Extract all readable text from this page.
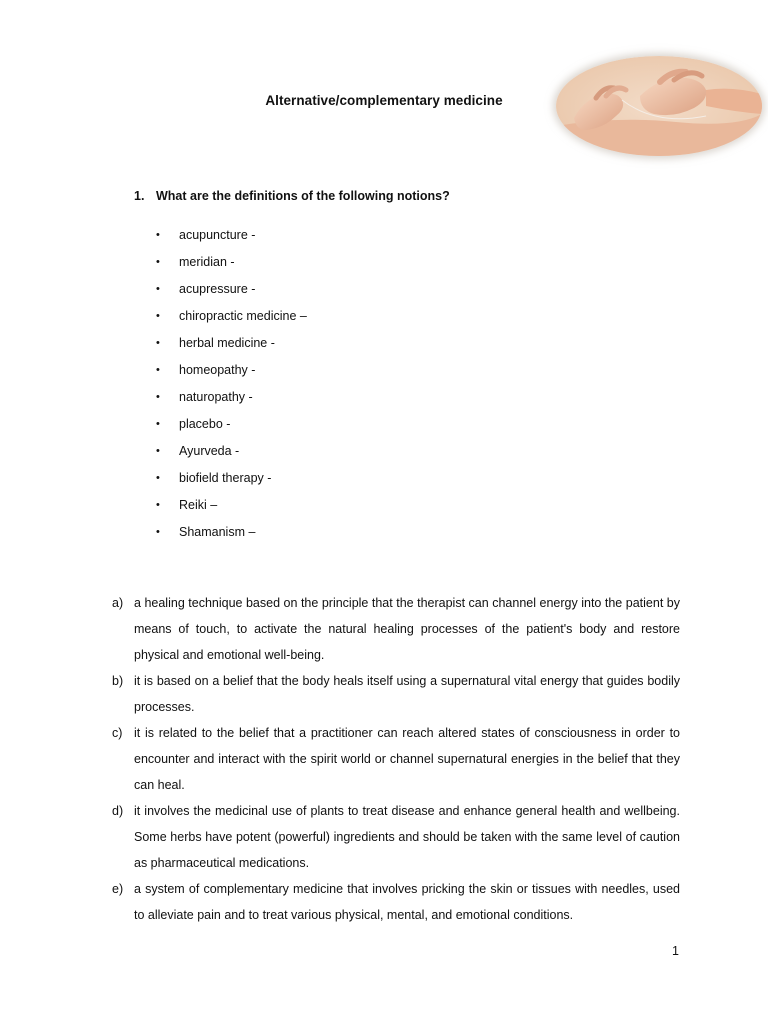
Alternative/complementary medicine
1. What are the definitions of the following notions?
• acupuncture -
• meridian -
• acupressure -
• chiropractic medicine –
• herbal medicine -
• homeopathy -
• naturopathy -
• placebo -
• Ayurveda -
• biofield therapy -
• Reiki –
• Shamanism –
a) a healing technique based on the principle that the therapist can channel energy into the patient by means of touch, to activate the natural healing processes of the patient's body and restore physical and emotional well-being.
b) it is based on a belief that the body heals itself using a supernatural vital energy that guides bodily processes.
c) it is related to the belief that a practitioner can reach altered states of consciousness in order to encounter and interact with the spirit world or channel supernatural energies in the belief that they can heal.
d) it involves the medicinal use of plants to treat disease and enhance general health and wellbeing. Some herbs have potent (powerful) ingredients and should be taken with the same level of caution as pharmaceutical medications.
e) a system of complementary medicine that involves pricking the skin or tissues with needles, used to alleviate pain and to treat various physical, mental, and emotional conditions.
1
